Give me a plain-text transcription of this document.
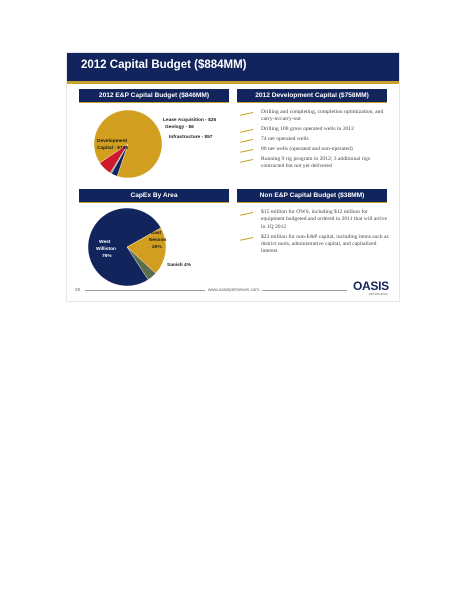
2012 Capital Budget ($884MM)
2012 E&P Capital Budget ($846MM)	2012 Development Capital ($758MM)
Lease Acquisition - $25
Geology - $6
Infrastructure - $57
Development
Capital - $758
Drilling and completing, completion optimization, and carry-in/carry-out
Drilling 108 gross operated wells in 2012
74 net operated wells
80 net wells (operated and non-operated)
Running 9 rig program in 2012; 3 additional rigs contracted but not yet delivered
CapEx By Area	Non E&P Capital Budget ($38MM)
West
Williston
76%
East
Nesson
20%
Sanish 4%
$15 million for OWS, including $12 million for equipment budgeted and ordered in 2011 that will arrive in 1Q 2012
$23 million for non-E&P capital, including items such as district tools, administrative capital, and capitalized interest
29	www.oasispetroleum.com	OASIS
PETROLEUM
